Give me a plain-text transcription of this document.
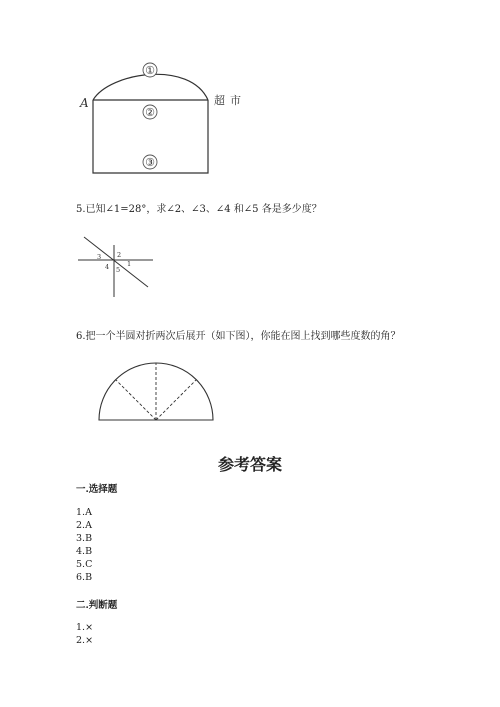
①
②
③
A	超市
5.已知∠1=28°，求∠2、∠3、∠4 和∠5 各是多少度？
1
2
3
4 5
6.把一个半圆对折两次后展开（如下图），你能在图上找到哪些度数的角？
参考答案
一.选择题
1.A
2.A
3.B
4.B
5.C
6.B
二.判断题
1.×
2.×
